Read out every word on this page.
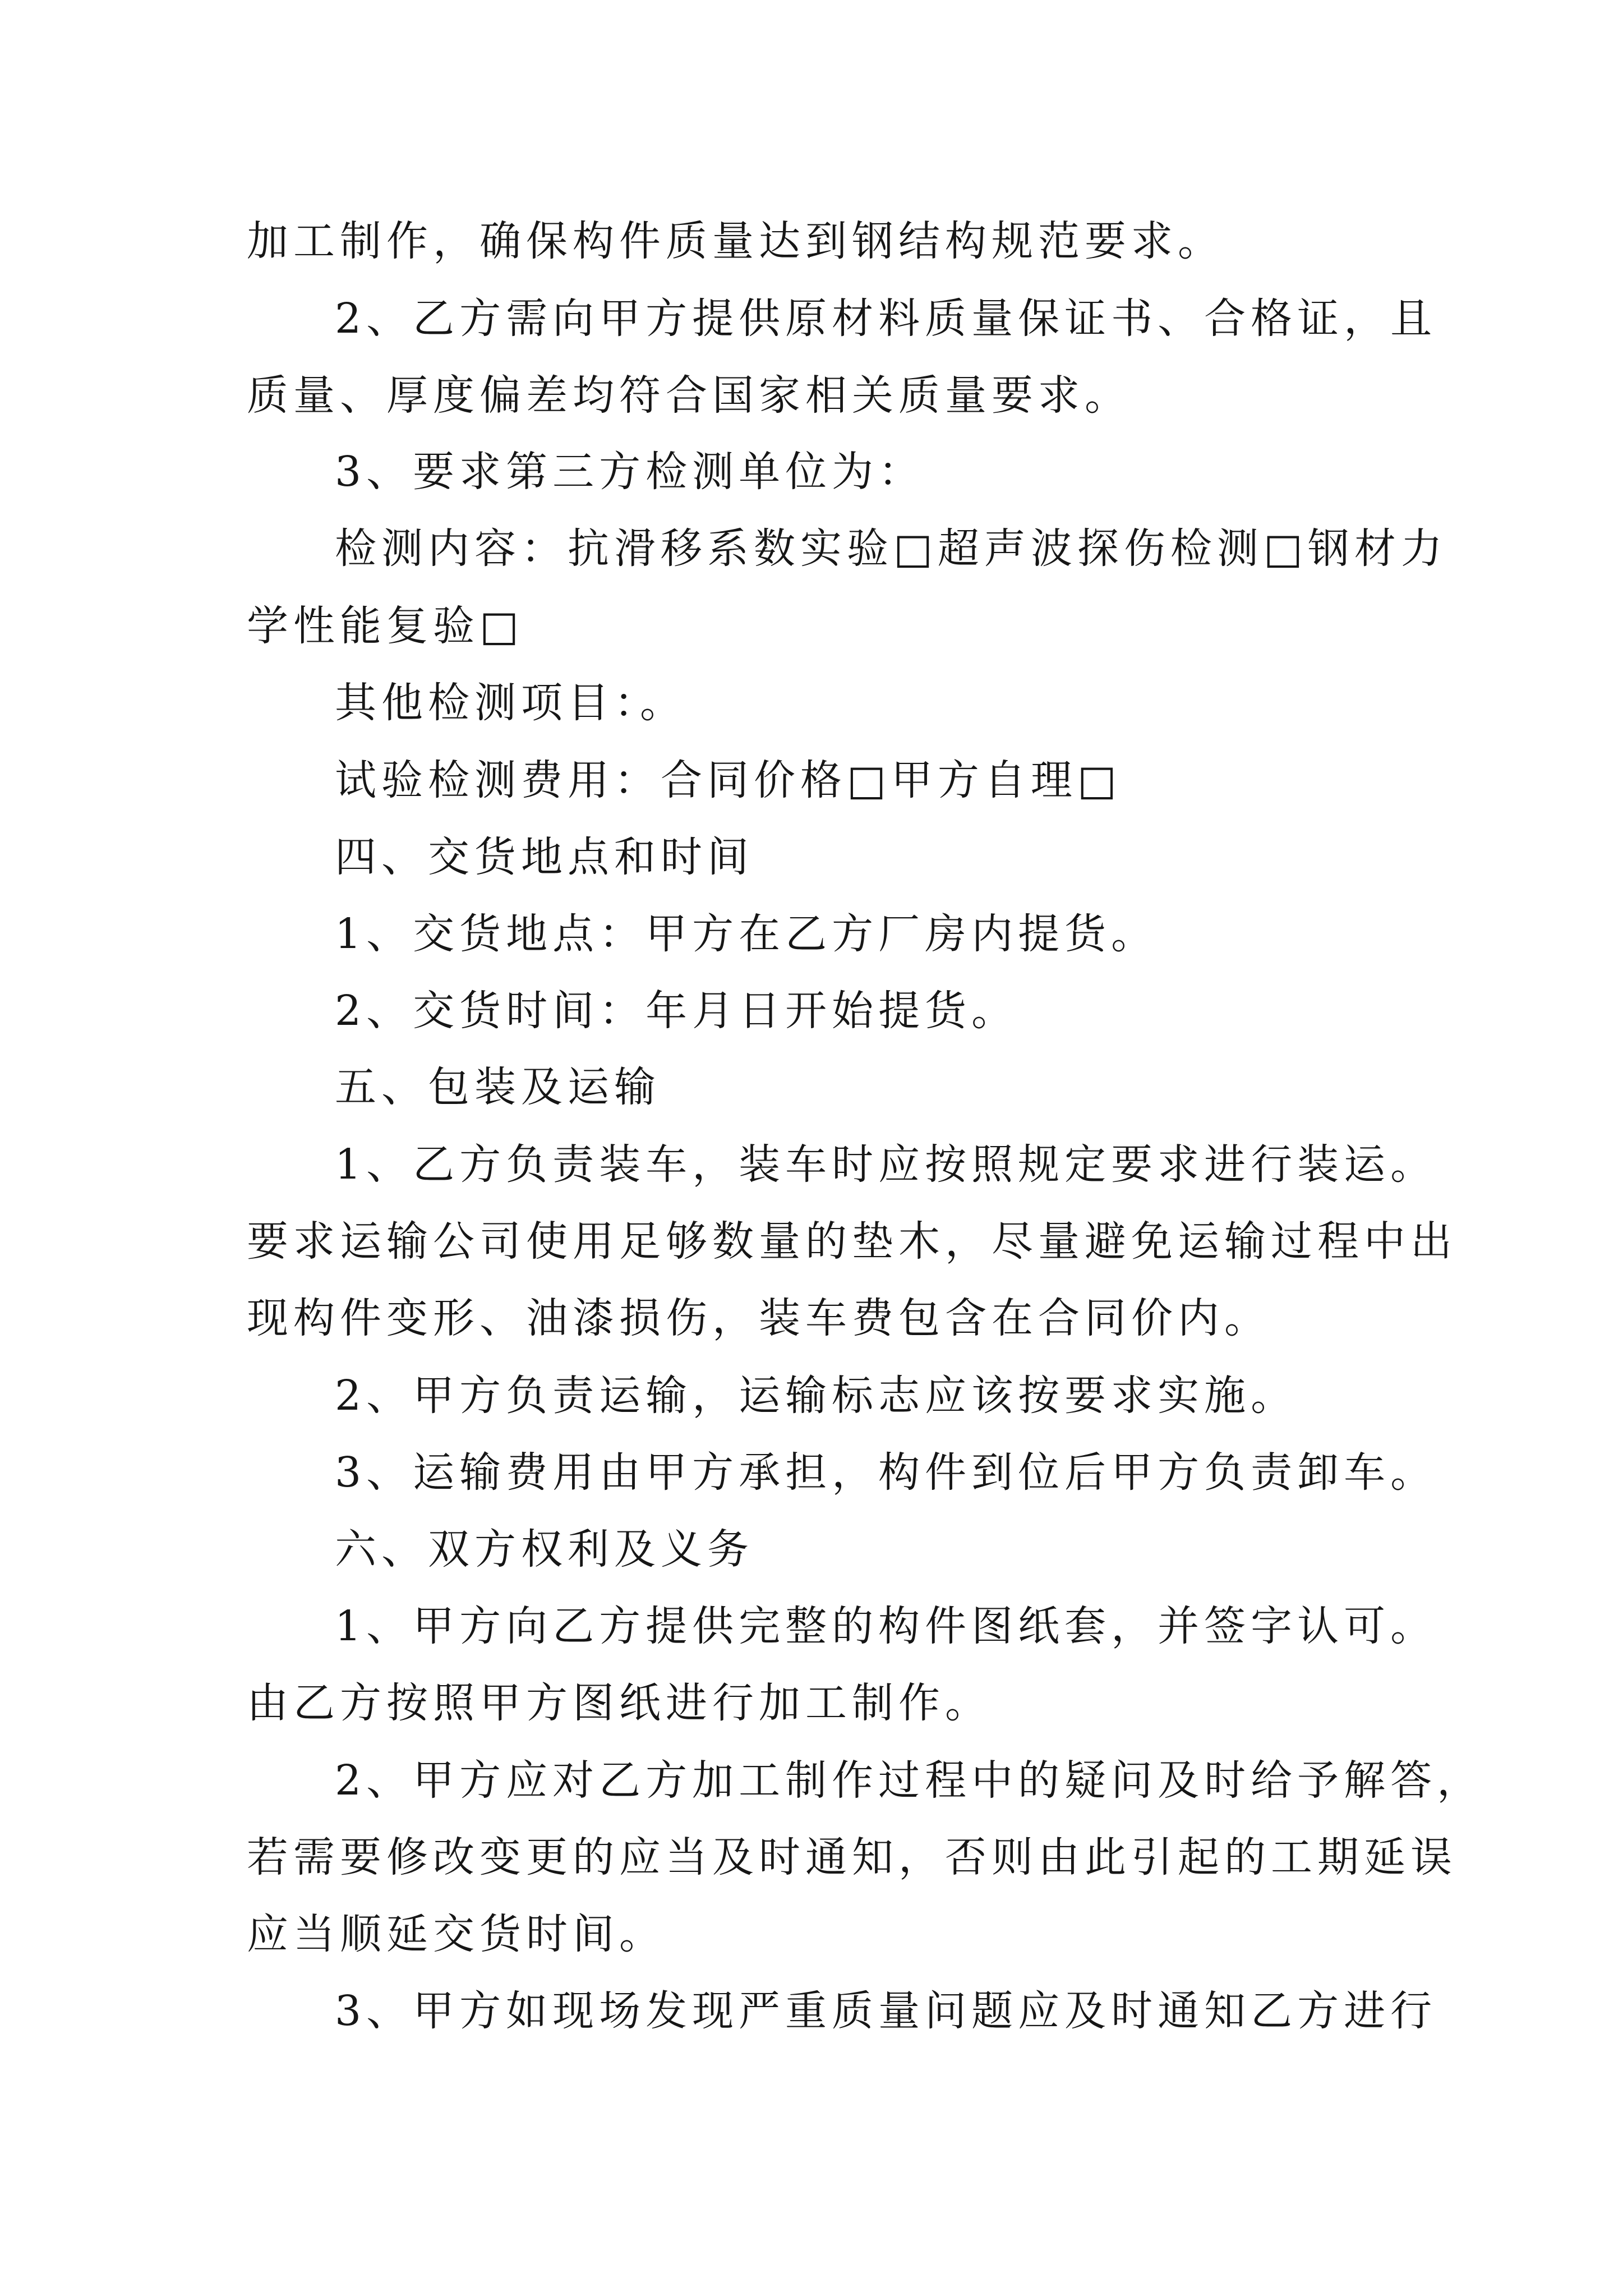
加工制作，确保构件质量达到钢结构规范要求。
2、乙方需向甲方提供原材料质量保证书、合格证，且
质量、厚度偏差均符合国家相关质量要求。
3、要求第三方检测单位为：
检测内容：抗滑移系数实验□超声波探伤检测□钢材力
学性能复验□
其他检测项目：。
试验检测费用：合同价格□甲方自理□
四、交货地点和时间
1、交货地点：甲方在乙方厂房内提货。
2、交货时间：年月日开始提货。
五、包装及运输
1、乙方负责装车，装车时应按照规定要求进行装运。
要求运输公司使用足够数量的垫木，尽量避免运输过程中出
现构件变形、油漆损伤，装车费包含在合同价内。
2、甲方负责运输，运输标志应该按要求实施。
3、运输费用由甲方承担，构件到位后甲方负责卸车。
六、双方权利及义务
1、甲方向乙方提供完整的构件图纸套，并签字认可。
由乙方按照甲方图纸进行加工制作。
2、甲方应对乙方加工制作过程中的疑问及时给予解答，
若需要修改变更的应当及时通知，否则由此引起的工期延误
应当顺延交货时间。
3、甲方如现场发现严重质量问题应及时通知乙方进行
